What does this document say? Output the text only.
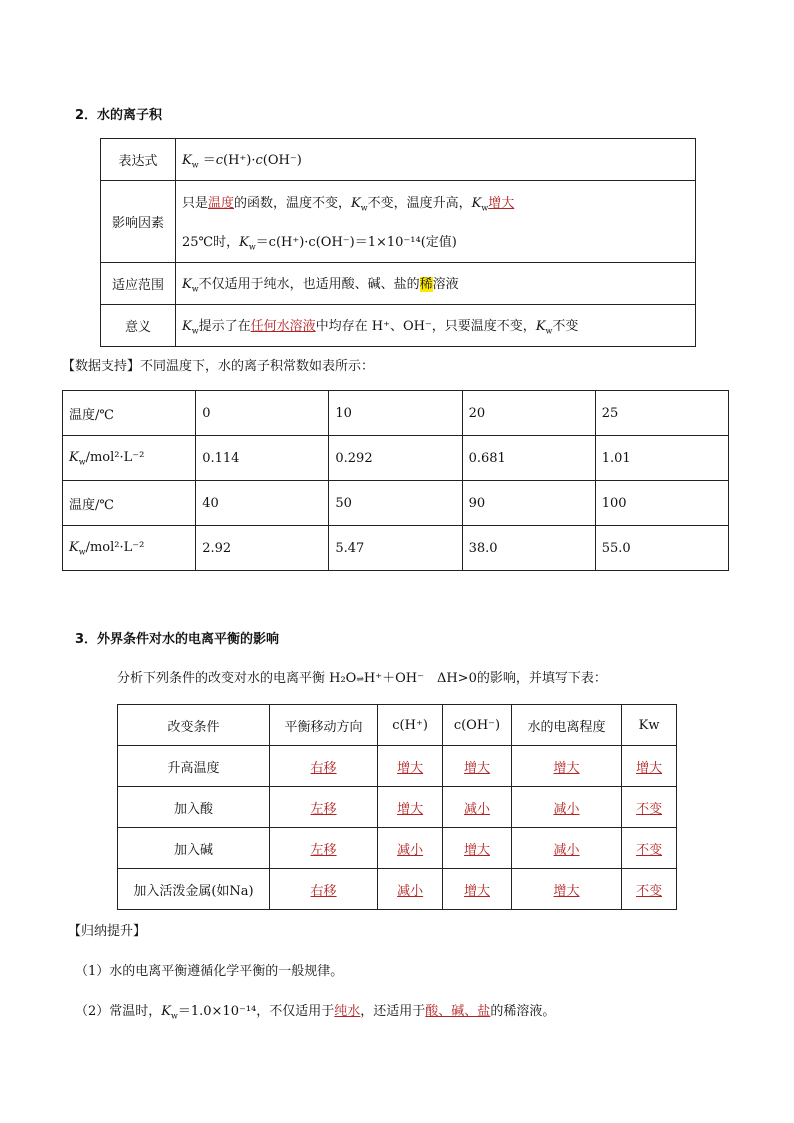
2．水的离子积
表达式	$K_w =c(H^+)\cdot c(OH^-)$
影响因素	只是温度的函数，温度不变，$K_w$不变，温度升高，$K_w$增大
25℃时，$K_w=c(H^+)\cdot c(OH^-)=1\times 10^{-14}$(定值)

适应范围	$K_w$不仅适用于纯水，也适用酸、碱、盐的稀溶液
意义	$K_w$提示了在任何水溶液中均存在 H⁺、OH⁻，只要温度不变，$K_w$不变
【数据支持】不同温度下，水的离子积常数如表所示：
温度/℃	0	10	20	25
$K_w/mol^2\cdot L^{-2}$	0.114	0.292	0.681	1.01
温度/℃	40	50	90	100
$K_w/mol^2\cdot L^{-2}$	2.92	5.47	38.0	55.0
3．外界条件对水的电离平衡的影响
分析下列条件的改变对水的电离平衡 H₂O⇌H⁺＋OH⁻　ΔH>0的影响，并填写下表：
改变条件	平衡移动方向	c(H⁺)	c(OH⁻)	水的电离程度	Kw
升高温度	右移	增大	增大	增大	增大
加入酸	左移	增大	减小	减小	不变
加入碱	左移	减小	增大	减小	不变
加入活泼金属(如Na)	右移	减小	增大	增大	不变
【归纳提升】
（1）水的电离平衡遵循化学平衡的一般规律。
（2）常温时，$K_w=1.0\times 10^{-14}$，不仅适用于纯水，还适用于酸、碱、盐的稀溶液。
